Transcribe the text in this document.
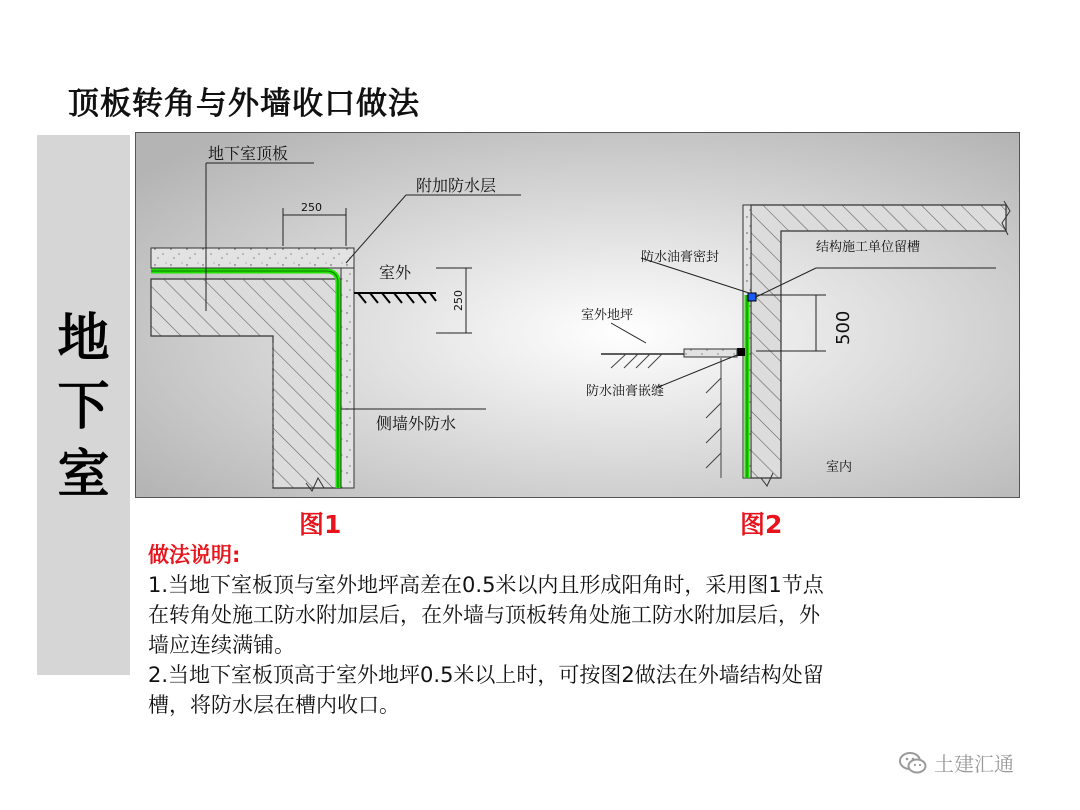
顶板转角与外墙收口做法
地
下
室
250
250
地下室顶板
附加防水层
室外
侧墙外防水
500
防水油膏密封
结构施工单位留槽
室外地坪
防水油膏嵌缝
室内
图1	图2

做法说明:

1.当地下室板顶与室外地坪高差在0.5米以内且形成阳角时，采用图1节点

在转角处施工防水附加层后，在外墙与顶板转角处施工防水附加层后，外

墙应连续满铺。

2.当地下室板顶高于室外地坪0.5米以上时，可按图2做法在外墙结构处留

槽，将防水层在槽内收口。

土建汇通
